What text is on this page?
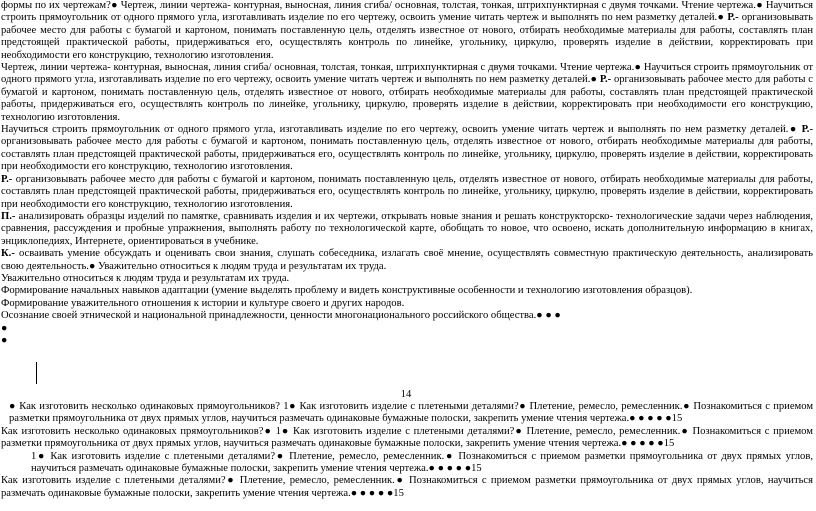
формы по их чертежам?● Чертеж, линии чертежа- контурная, выносная, линия сгиба/ основная, толстая, тонкая, штрихпунктирная с двумя точками. Чтение чертежа.● Научиться строить прямоугольник от одного прямого угла, изготавливать изделие по его чертежу, освоить умение читать чертеж и выполнять по нем разметку деталей.● Р.- организовывать рабочее место для работы с бумагой и картоном, понимать поставленную цель, отделять известное от нового, отбирать необходимые материалы для работы, составлять план предстоящей практической работы, придерживаться его, осуществлять контроль по линейке, угольнику, циркулю, проверять изделие в действии, корректировать при необходимости его конструкцию, технологию изготовления.

Чертеж, линии чертежа- контурная, выносная, линия сгиба/ основная, толстая, тонкая, штрихпунктирная с двумя точками. Чтение чертежа.● Научиться строить прямоугольник от одного прямого угла, изготавливать изделие по его чертежу, освоить умение читать чертеж и выполнять по нем разметку деталей.● Р.- организовывать рабочее место для работы с бумагой и картоном, понимать поставленную цель, отделять известное от нового, отбирать необходимые материалы для работы, составлять план предстоящей практической работы, придерживаться его, осуществлять контроль по линейке, угольнику, циркулю, проверять изделие в действии, корректировать при необходимости его конструкцию, технологию изготовления.

Научиться строить прямоугольник от одного прямого угла, изготавливать изделие по его чертежу, освоить умение читать чертеж и выполнять по нем разметку деталей.● Р.- организовывать рабочее место для работы с бумагой и картоном, понимать поставленную цель, отделять известное от нового, отбирать необходимые материалы для работы, составлять план предстоящей практической работы, придерживаться его, осуществлять контроль по линейке, угольнику, циркулю, проверять изделие в действии, корректировать при необходимости его конструкцию, технологию изготовления.

Р.- организовывать рабочее место для работы с бумагой и картоном, понимать поставленную цель, отделять известное от нового, отбирать необходимые материалы для работы, составлять план предстоящей практической работы, придерживаться его, осуществлять контроль по линейке, угольнику, циркулю, проверять изделие в действии, корректировать при необходимости его конструкцию, технологию изготовления.

П.- анализировать образцы изделий по памятке, сравнивать изделия и их чертежи, открывать новые знания и решать конструкторско- технологические задачи через наблюдения, сравнения, рассуждения и пробные упражнения, выполнять работу по технологической карте, обобщать то новое, что освоено, искать дополнительную информацию в книгах, энциклопедиях, Интернете, ориентироваться в учебнике.

К.- осваивать умение обсуждать и оценивать свои знания, слушать собеседника, излагать своё мнение, осуществлять совместную практическую деятельность, анализировать свою деятельность.● Уважительно относиться к людям труда и результатам их труда.

Уважительно относиться к людям труда и результатам их труда.

Формирование начальных навыков адаптации (умение выделять проблему и видеть конструктивные особенности и технологию изготовления образцов).

Формирование уважительного отношения к истории и культуре своего и других народов.

Осознание своей этнической и национальной принадлежности, ценности многонационального российского общества.● ● ●

●

●

14

● Как изготовить несколько одинаковых прямоугольников? 1● Как изготовить изделие с плетеными деталями?● Плетение, ремесло, ремесленник.● Познакомиться с приемом разметки прямоугольника от двух прямых углов, научиться размечать одинаковые бумажные полоски, закрепить умение чтения чертежа.● ● ● ● ●15

Как изготовить несколько одинаковых прямоугольников?● 1● Как изготовить изделие с плетеными деталями?● Плетение, ремесло, ремесленник.● Познакомиться с приемом разметки прямоугольника от двух прямых углов, научиться размечать одинаковые бумажные полоски, закрепить умение чтения чертежа.● ● ● ● ●15

1● Как изготовить изделие с плетеными деталями?● Плетение, ремесло, ремесленник.● Познакомиться с приемом разметки прямоугольника от двух прямых углов, научиться размечать одинаковые бумажные полоски, закрепить умение чтения чертежа.● ● ● ● ●15

Как изготовить изделие с плетеными деталями?● Плетение, ремесло, ремесленник.● Познакомиться с приемом разметки прямоугольника от двух прямых углов, научиться размечать одинаковые бумажные полоски, закрепить умение чтения чертежа.● ● ● ● ●15
